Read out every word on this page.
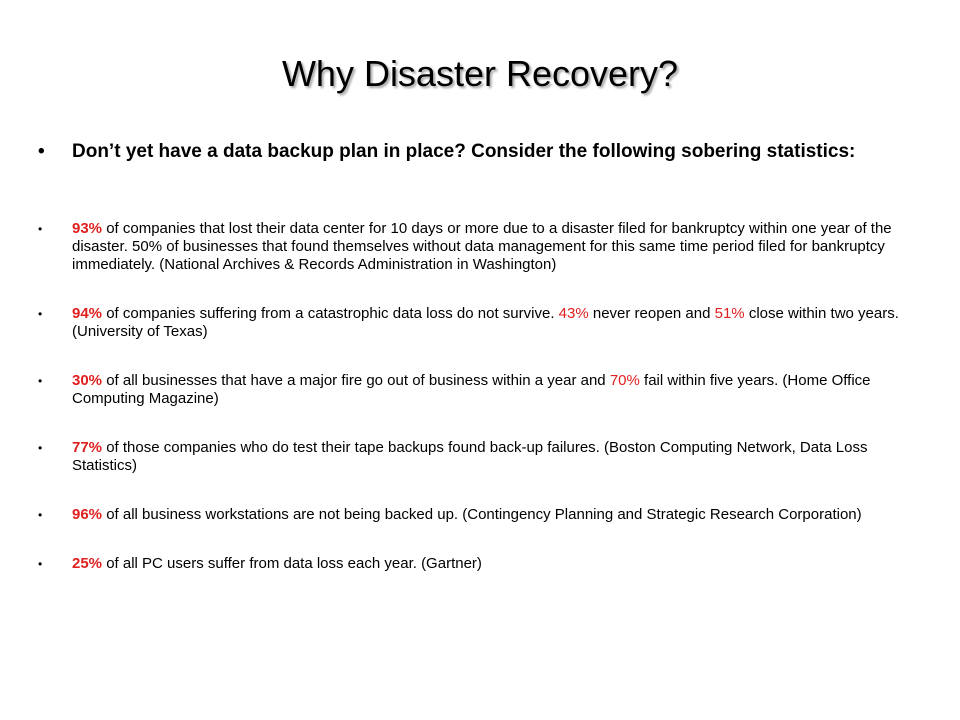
Why Disaster Recovery?
•	Don’t yet have a data backup plan in place? Consider the following sobering statistics:
• 93% of companies that lost their data center for 10 days or more due to a disaster filed for bankruptcy within one year of the disaster. 50% of businesses that found themselves without data management for this same time period filed for bankruptcy immediately. (National Archives & Records Administration in Washington)
• 94% of companies suffering from a catastrophic data loss do not survive. 43% never reopen and 51% close within two years. (University of Texas)
• 30% of all businesses that have a major fire go out of business within a year and 70% fail within five years. (Home Office Computing Magazine)
• 77% of those companies who do test their tape backups found back-up failures. (Boston Computing Network, Data Loss Statistics)
• 96% of all business workstations are not being backed up. (Contingency Planning and Strategic Research Corporation)
• 25% of all PC users suffer from data loss each year. (Gartner)
